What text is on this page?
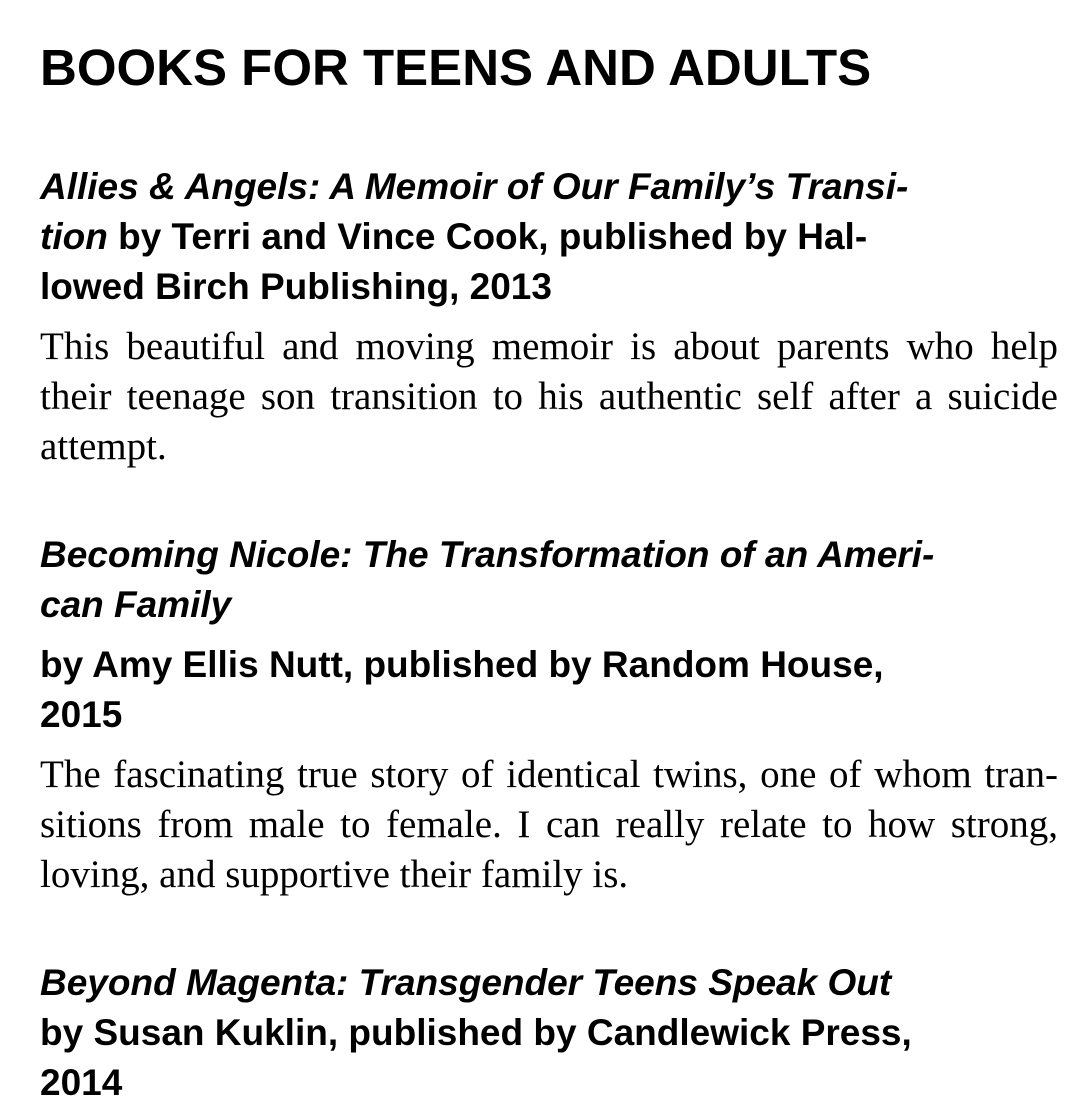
BOOKS FOR TEENS AND ADULTS
Allies & Angels: A Memoir of Our Family’s Transi-
tion by Terri and Vince Cook, published by Hal-
lowed Birch Publishing, 2013
This beautiful and moving memoir is about parents who help
their teenage son transition to his authentic self after a suicide
attempt.
Becoming Nicole: The Transformation of an Ameri-
can Family
by Amy Ellis Nutt, published by Random House,
2015
The fascinating true story of identical twins, one of whom tran-
sitions from male to female. I can really relate to how strong,
loving, and supportive their family is.
Beyond Magenta: Transgender Teens Speak Out
by Susan Kuklin, published by Candlewick Press,
2014
